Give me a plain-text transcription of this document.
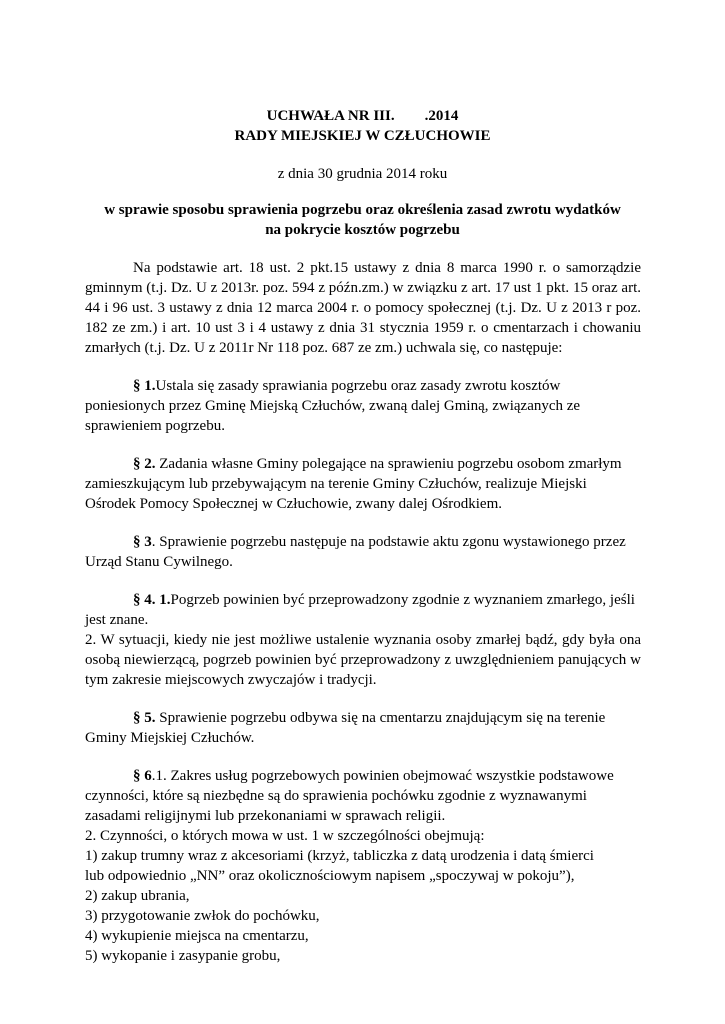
UCHWAŁA NR III.        .2014

RADY MIEJSKIEJ W CZŁUCHOWIE

z dnia 30 grudnia 2014 roku
w sprawie sposobu sprawienia pogrzebu oraz określenia zasad zwrotu wydatków na pokrycie kosztów pogrzebu

Na podstawie art. 18 ust. 2 pkt.15 ustawy z dnia 8 marca 1990 r. o samorządzie gminnym (t.j. Dz. U z 2013r. poz. 594 z późn.zm.) w związku z art. 17 ust 1 pkt. 15 oraz art. 44 i 96 ust. 3 ustawy z dnia 12 marca 2004 r. o pomocy społecznej (t.j. Dz. U z 2013 r poz. 182 ze zm.) i art. 10 ust 3 i 4 ustawy z dnia 31 stycznia 1959 r. o cmentarzach i chowaniu zmarłych (t.j. Dz. U z 2011r Nr 118 poz. 687 ze zm.) uchwala się, co następuje:

§ 1.Ustala się zasady sprawiania pogrzebu oraz zasady zwrotu kosztów poniesionych przez Gminę Miejską Człuchów, zwaną dalej Gminą, związanych ze sprawieniem pogrzebu.

§ 2. Zadania własne Gminy polegające na sprawieniu pogrzebu osobom zmarłym zamieszkującym lub przebywającym na terenie Gminy Człuchów, realizuje Miejski Ośrodek Pomocy Społecznej w Człuchowie, zwany dalej Ośrodkiem.

§ 3. Sprawienie pogrzebu następuje na podstawie aktu zgonu wystawionego przez Urząd Stanu Cywilnego.

§ 4. 1.Pogrzeb powinien być przeprowadzony zgodnie z wyznaniem zmarłego, jeśli jest znane.

2. W sytuacji, kiedy nie jest możliwe ustalenie wyznania osoby zmarłej bądź, gdy była ona osobą niewierzącą, pogrzeb powinien być przeprowadzony z uwzględnieniem panujących w tym zakresie miejscowych zwyczajów i tradycji.

§ 5. Sprawienie pogrzebu odbywa się na cmentarzu znajdującym się na terenie Gminy Miejskiej Człuchów.

§ 6.1. Zakres usług pogrzebowych powinien obejmować wszystkie podstawowe czynności, które są niezbędne są do sprawienia pochówku zgodnie z wyznawanymi zasadami religijnymi lub przekonaniami w sprawach religii.

2. Czynności, o których mowa w ust. 1 w szczególności obejmują:

1) zakup trumny wraz z akcesoriami (krzyż, tabliczka z datą urodzenia i datą śmierci

lub odpowiednio „NN” oraz okolicznościowym napisem „spoczywaj w pokoju”),

2) zakup ubrania,

3) przygotowanie zwłok do pochówku,

4) wykupienie miejsca na cmentarzu,

5) wykopanie i zasypanie grobu,
